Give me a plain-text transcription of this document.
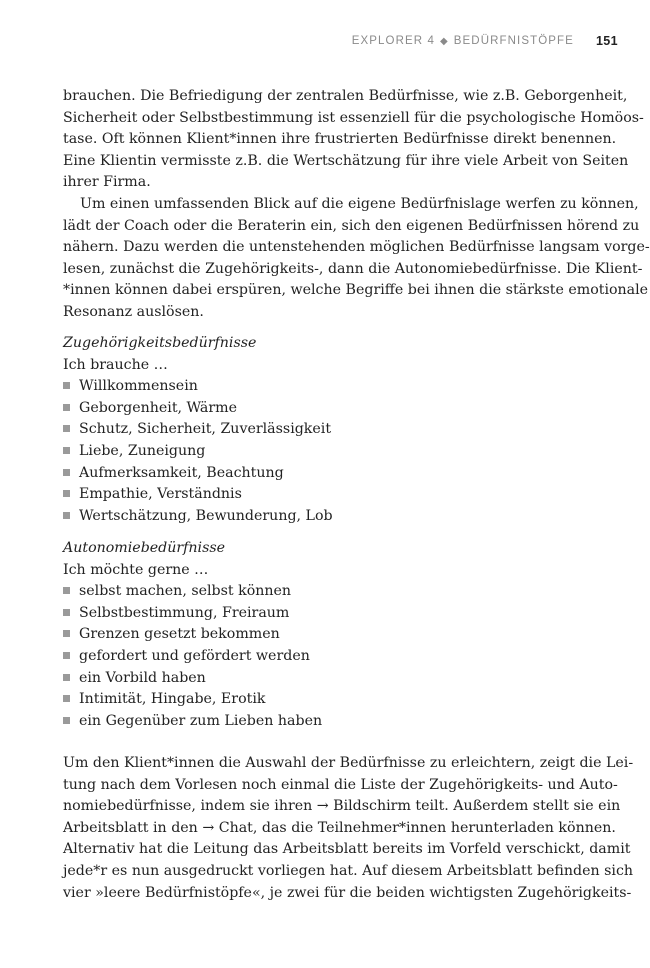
EXPLORER 4 ◆ BEDÜRFNISTÖPFE 151
brauchen. Die Befriedigung der zentralen Bedürfnisse, wie z.B. Geborgenheit,
Sicherheit oder Selbstbestimmung ist essenziell für die psychologische Homöos-
tase. Oft können Klient*innen ihre frustrierten Bedürfnisse direkt benennen.
Eine Klientin vermisste z.B. die Wertschätzung für ihre viele Arbeit von Seiten
ihrer Firma.
Um einen umfassenden Blick auf die eigene Bedürfnislage werfen zu können,
lädt der Coach oder die Beraterin ein, sich den eigenen Bedürfnissen hörend zu
nähern. Dazu werden die untenstehenden möglichen Bedürfnisse langsam vorge-
lesen, zunächst die Zugehörigkeits-, dann die Autonomiebedürfnisse. Die Klient-
*innen können dabei erspüren, welche Begriffe bei ihnen die stärkste emotionale
Resonanz auslösen.
Zugehörigkeitsbedürfnisse
Ich brauche …
Willkommensein
Geborgenheit, Wärme
Schutz, Sicherheit, Zuverlässigkeit
Liebe, Zuneigung
Aufmerksamkeit, Beachtung
Empathie, Verständnis
Wertschätzung, Bewunderung, Lob
Autonomiebedürfnisse
Ich möchte gerne …
selbst machen, selbst können
Selbstbestimmung, Freiraum
Grenzen gesetzt bekommen
gefordert und gefördert werden
ein Vorbild haben
Intimität, Hingabe, Erotik
ein Gegenüber zum Lieben haben
Um den Klient*innen die Auswahl der Bedürfnisse zu erleichtern, zeigt die Lei-
tung nach dem Vorlesen noch einmal die Liste der Zugehörigkeits- und Auto-
nomiebedürfnisse, indem sie ihren → Bildschirm teilt. Außerdem stellt sie ein
Arbeitsblatt in den → Chat, das die Teilnehmer*innen herunterladen können.
Alternativ hat die Leitung das Arbeitsblatt bereits im Vorfeld verschickt, damit
jede*r es nun ausgedruckt vorliegen hat. Auf diesem Arbeitsblatt befinden sich
vier »leere Bedürfnistöpfe«, je zwei für die beiden wichtigsten Zugehörigkeits-
